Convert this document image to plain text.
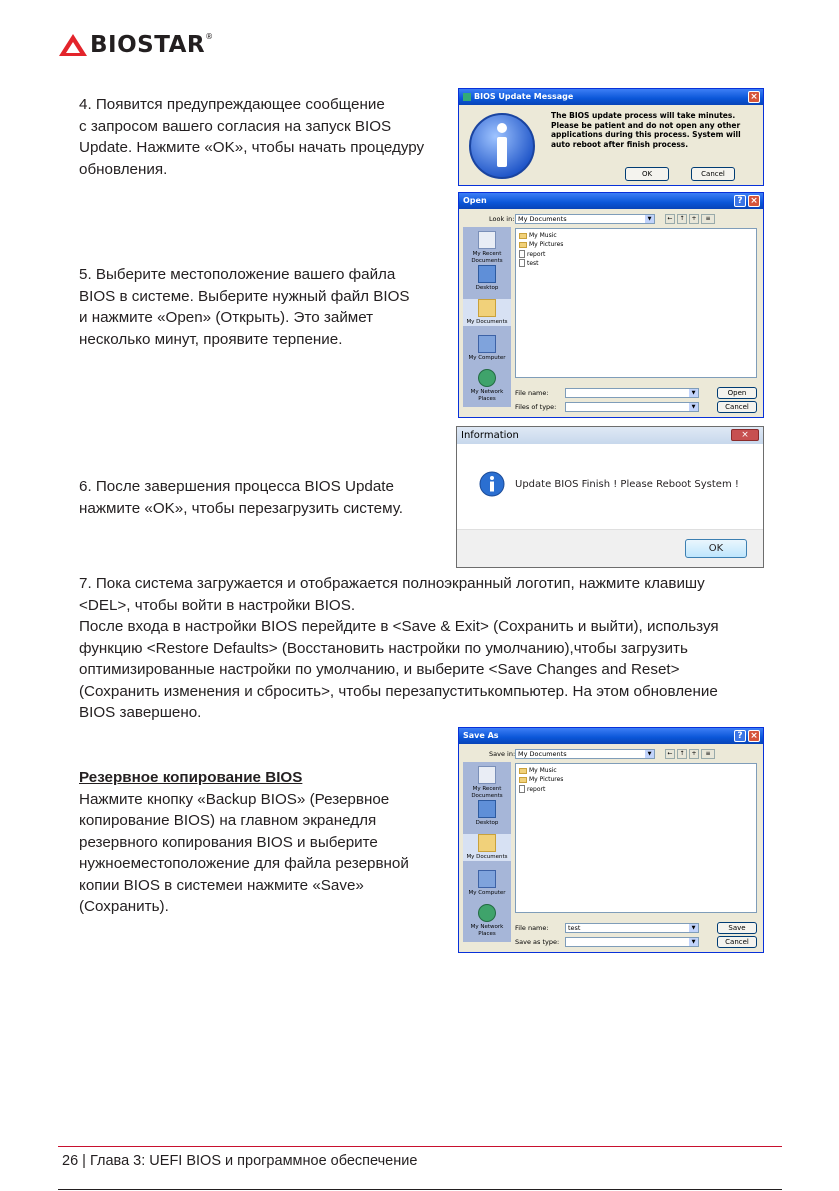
BIOSTAR®
4. Появится предупреждающее сообщение
с запросом вашего согласия на запуск BIOS
Update. Нажмите «OK», чтобы начать процедуру
обновления.
BIOS Update Message	×
The BIOS update process will take minutes.
Please be patient and do not open any other
applications during this process. System will
auto reboot after finish process.
OK	Cancel
5. Выберите местоположение вашего файла
BIOS в системе. Выберите нужный файл BIOS
и нажмите «Open» (Открыть). Это займет
несколько минут, проявите терпение.
Open	? ×
Look in: My Documents	▼	←	↑	+	≡
My Recent Documents
Desktop
My Documents
My Computer
My Network Places
My Music
My Pictures
report
test
File name:	▼
Files of type:	▼
Open
Cancel
6. После завершения процесса BIOS Update
нажмите «OK», чтобы перезагрузить систему.
Information	×
Update BIOS Finish ! Please Reboot System !
OK
7. Пока система загружается и отображается полноэкранный логотип, нажмите клавишу
<DEL>, чтобы войти в настройки BIOS.
После входа в настройки BIOS перейдите в <Save & Exit> (Сохранить и выйти), используя
функцию <Restore Defaults> (Восстановить настройки по умолчанию),чтобы загрузить
оптимизированные настройки по умолчанию, и выберите <Save Changes and Reset>
(Сохранить изменения и сбросить>, чтобы перезапуститькомпьютер. На этом обновление
BIOS завершено.
Резервное копирование BIOS
Нажмите кнопку «Backup BIOS» (Резервное
копирование BIOS) на главном экранедля
резервного копирования BIOS и выберите
нужноеместоположение для файла резервной
копии BIOS в системеи нажмите «Save»
(Сохранить).
Save As	? ×
Save in: My Documents	▼	←	↑	+	≡
My Recent Documents
Desktop
My Documents
My Computer
My Network Places
My Music
My Pictures
report
File name:	test	▼
Save as type:	▼
Save
Cancel
26 | Глава 3: UEFI BIOS и программное обеспечение
